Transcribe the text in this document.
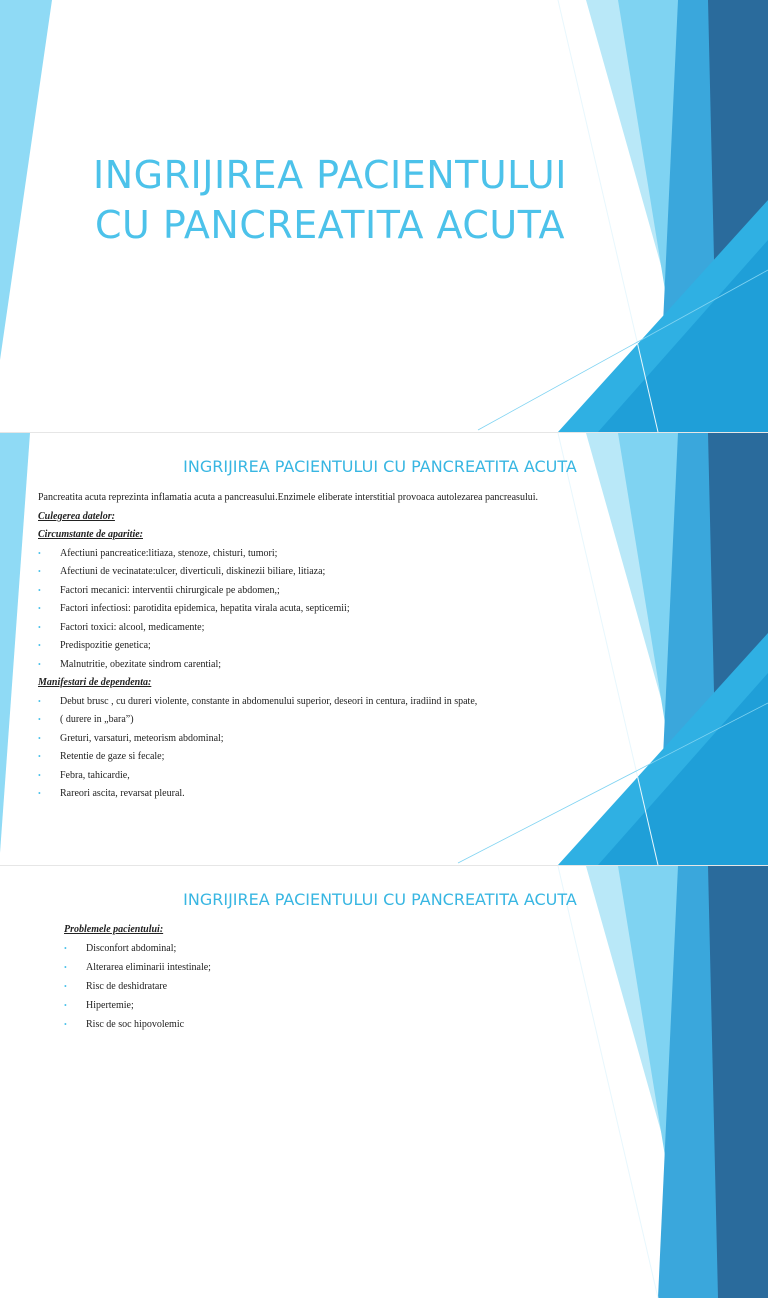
INGRIJIREA PACIENTULUI
CU PANCREATITA ACUTA
INGRIJIREA PACIENTULUI CU PANCREATITA ACUTA
Pancreatita acuta reprezinta inflamatia acuta a pancreasului.Enzimele eliberate interstitial provoaca autolezarea pancreasului.
Culegerea datelor:
Circumstante de aparitie:
• Afectiuni pancreatice:litiaza, stenoze, chisturi, tumori;
• Afectiuni de vecinatate:ulcer, diverticuli, diskinezii biliare, litiaza;
• Factori mecanici: interventii chirurgicale pe abdomen,;
• Factori infectiosi: parotidita epidemica, hepatita virala acuta, septicemii;
• Factori toxici: alcool, medicamente;
• Predispozitie genetica;
• Malnutritie, obezitate sindrom carential;
Manifestari de dependenta:
• Debut brusc , cu dureri violente, constante in abdomenului superior, deseori in centura, iradiind in spate,
• ( durere in „bara”)
• Greturi, varsaturi, meteorism abdominal;
• Retentie de gaze si fecale;
• Febra, tahicardie,
• Rareori ascita, revarsat pleural.
INGRIJIREA PACIENTULUI CU PANCREATITA ACUTA
Problemele pacientului:
• Disconfort abdominal;
• Alterarea eliminarii intestinale;
• Risc de deshidratare
• Hipertemie;
• Risc de soc hipovolemic
